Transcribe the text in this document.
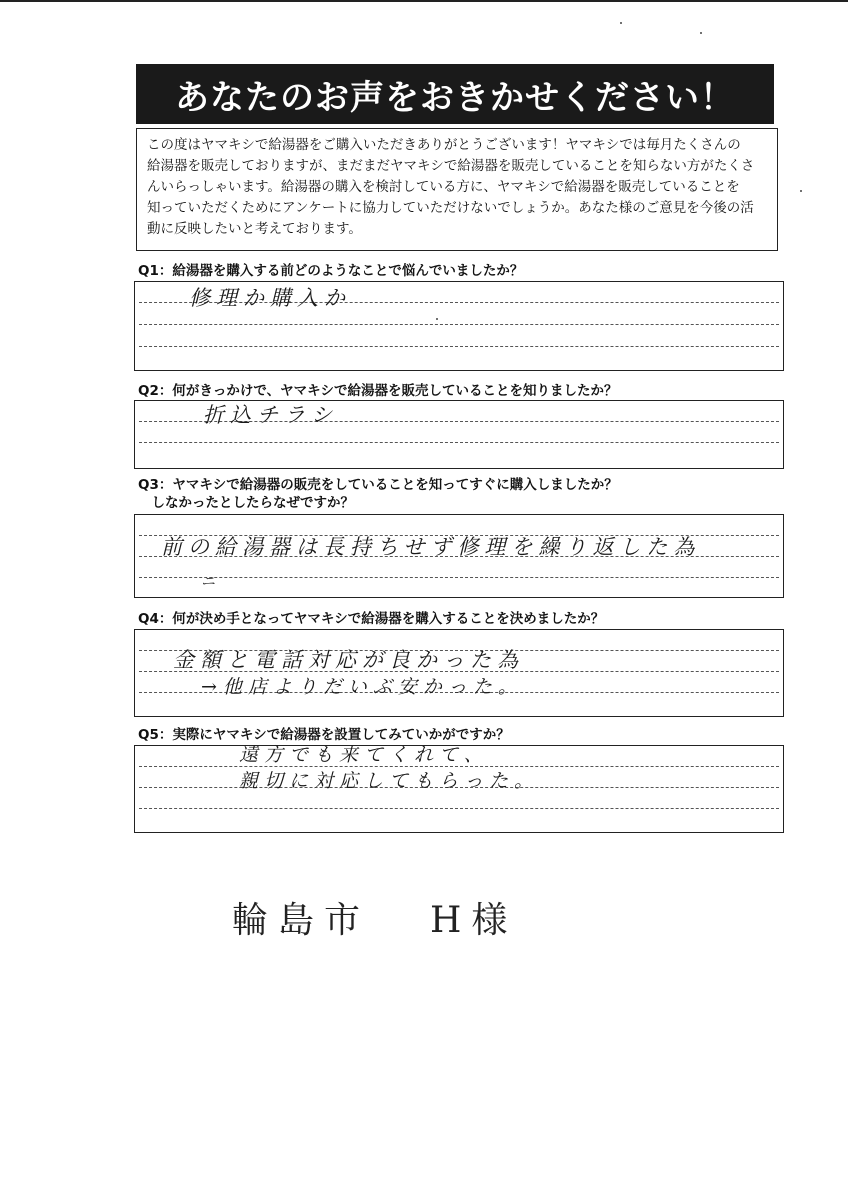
あなたのお声をおきかせください！
この度はヤマキシで給湯器をご購入いただきありがとうございます！ヤマキシでは毎月たくさんの
給湯器を販売しておりますが、まだまだヤマキシで給湯器を販売していることを知らない方がたくさ
んいらっしゃいます。給湯器の購入を検討している方に、ヤマキシで給湯器を販売していることを
知っていただくためにアンケートに協力していただけないでしょうか。あなた様のご意見を今後の活
動に反映したいと考えております。
Q1：給湯器を購入する前どのようなことで悩んでいましたか？
修理か購入か
Q2：何がきっかけで、ヤマキシで給湯器を販売していることを知りましたか？
折込チラシ
Q3：ヤマキシで給湯器の販売をしていることを知ってすぐに購入しましたか？
　しなかったとしたらなぜですか？
前の給湯器は長持ちせず修理を繰り返した為
ニ
Q4：何が決め手となってヤマキシで給湯器を購入することを決めましたか？
金額と電話対応が良かった為
→他店よりだいぶ安かった。
Q5：実際にヤマキシで給湯器を設置してみていかがですか？
遠方でも来てくれて、
親切に対応してもらった。
輪島市 H様
